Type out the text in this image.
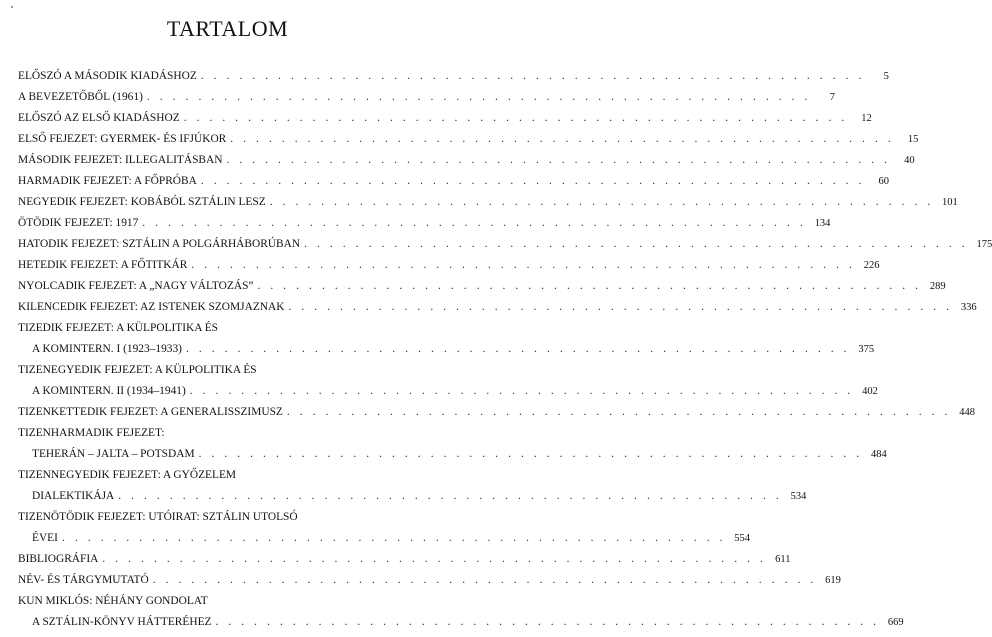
TARTALOM
ELŐSZÓ A MÁSODIK KIADÁSHOZ . . . . . . . . . . . . . . . . . . . . . . . . . . . . . . . . . . . . . . . . . . . . . . . . . . . .	5
A BEVEZETŐBŐL (1961) . . . . . . . . . . . . . . . . . . . . . . . . . . . . . . . . . . . . . . . . . . . . . . . . . . . .	7
ELŐSZÓ AZ ELSŐ KIADÁSHOZ . . . . . . . . . . . . . . . . . . . . . . . . . . . . . . . . . . . . . . . . . . . . . . . . . . . .	12
ELSŐ FEJEZET: GYERMEK- ÉS IFJÚKOR . . . . . . . . . . . . . . . . . . . . . . . . . . . . . . . . . . . . . . . . . . . . . . . . . . . .	15
MÁSODIK FEJEZET: ILLEGALITÁSBAN . . . . . . . . . . . . . . . . . . . . . . . . . . . . . . . . . . . . . . . . . . . . . . . . . . . .	40
HARMADIK FEJEZET: A FŐPRÓBA . . . . . . . . . . . . . . . . . . . . . . . . . . . . . . . . . . . . . . . . . . . . . . . . . . . .	60
NEGYEDIK FEJEZET: KOBÁBÓL SZTÁLIN LESZ . . . . . . . . . . . . . . . . . . . . . . . . . . . . . . . . . . . . . . . . . . . . . . . . . . . . 101
ÖTÖDIK FEJEZET: 1917 . . . . . . . . . . . . . . . . . . . . . . . . . . . . . . . . . . . . . . . . . . . . . . . . . . . . 134
HATODIK FEJEZET: SZTÁLIN A POLGÁRHÁBORÚBAN . . . . . . . . . . . . . . . . . . . . . . . . . . . . . . . . . . . . . . . . . . . . . . . . . . . . 175
HETEDIK FEJEZET: A FŐTITKÁR . . . . . . . . . . . . . . . . . . . . . . . . . . . . . . . . . . . . . . . . . . . . . . . . . . . . 226
NYOLCADIK FEJEZET: A „NAGY VÁLTOZÁS” . . . . . . . . . . . . . . . . . . . . . . . . . . . . . . . . . . . . . . . . . . . . . . . . . . . . 289
KILENCEDIK FEJEZET: AZ ISTENEK SZOMJAZNAK . . . . . . . . . . . . . . . . . . . . . . . . . . . . . . . . . . . . . . . . . . . . . . . . . . . . 336
TIZEDIK FEJEZET: A KÜLPOLITIKA ÉS
A KOMINTERN. I (1923–1933) . . . . . . . . . . . . . . . . . . . . . . . . . . . . . . . . . . . . . . . . . . . . . . . . . . . . 375
TIZENEGYEDIK FEJEZET: A KÜLPOLITIKA ÉS
A KOMINTERN. II (1934–1941) . . . . . . . . . . . . . . . . . . . . . . . . . . . . . . . . . . . . . . . . . . . . . . . . . . . . 402
TIZENKETTEDIK FEJEZET: A GENERALISSZIMUSZ . . . . . . . . . . . . . . . . . . . . . . . . . . . . . . . . . . . . . . . . . . . . . . . . . . . . 448
TIZENHARMADIK FEJEZET:
TEHERÁN – JALTA – POTSDAM . . . . . . . . . . . . . . . . . . . . . . . . . . . . . . . . . . . . . . . . . . . . . . . . . . . . 484
TIZENNEGYEDIK FEJEZET: A GYŐZELEM
DIALEKTIKÁJA . . . . . . . . . . . . . . . . . . . . . . . . . . . . . . . . . . . . . . . . . . . . . . . . . . . . 534
TIZENÖTÖDIK FEJEZET: UTÓIRAT: SZTÁLIN UTOLSÓ
ÉVEI . . . . . . . . . . . . . . . . . . . . . . . . . . . . . . . . . . . . . . . . . . . . . . . . . . . . 554
BIBLIOGRÁFIA . . . . . . . . . . . . . . . . . . . . . . . . . . . . . . . . . . . . . . . . . . . . . . . . . . . . 611
NÉV- ÉS TÁRGYMUTATÓ . . . . . . . . . . . . . . . . . . . . . . . . . . . . . . . . . . . . . . . . . . . . . . . . . . . . 619
KUN MIKLÓS: NÉHÁNY GONDOLAT
A SZTÁLIN-KÖNYV HÁTTERÉHEZ . . . . . . . . . . . . . . . . . . . . . . . . . . . . . . . . . . . . . . . . . . . . . . . . . . . . 669
